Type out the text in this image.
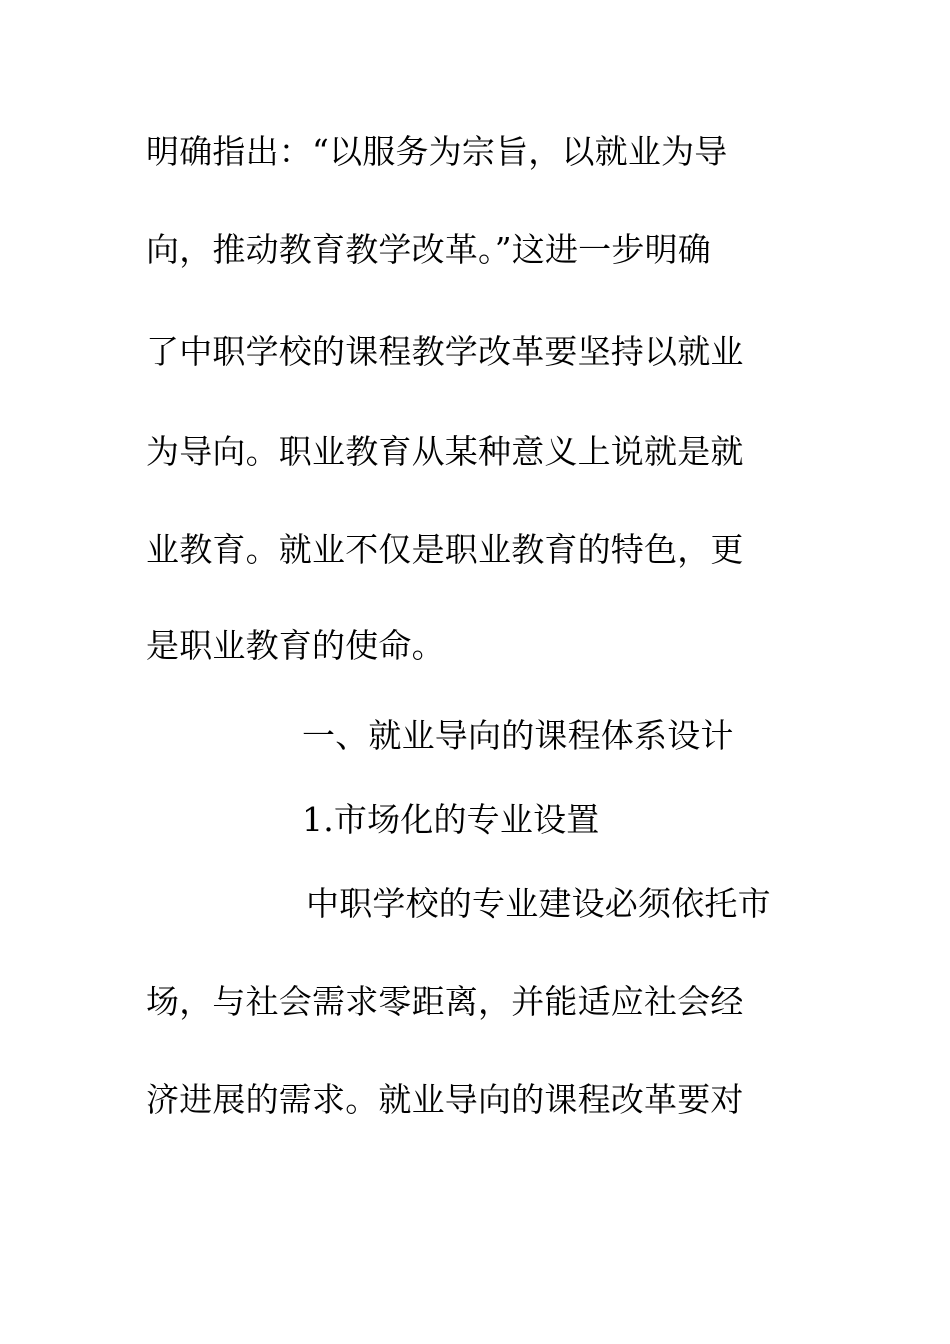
明确指出：“以服务为宗旨，以就业为导
向，推动教育教学改革。”这进一步明确
了中职学校的课程教学改革要坚持以就业
为导向。职业教育从某种意义上说就是就
业教育。就业不仅是职业教育的特色，更
是职业教育的使命。
一、就业导向的课程体系设计
1.市场化的专业设置
中职学校的专业建设必须依托市
场，与社会需求零距离，并能适应社会经
济进展的需求。就业导向的课程改革要对
